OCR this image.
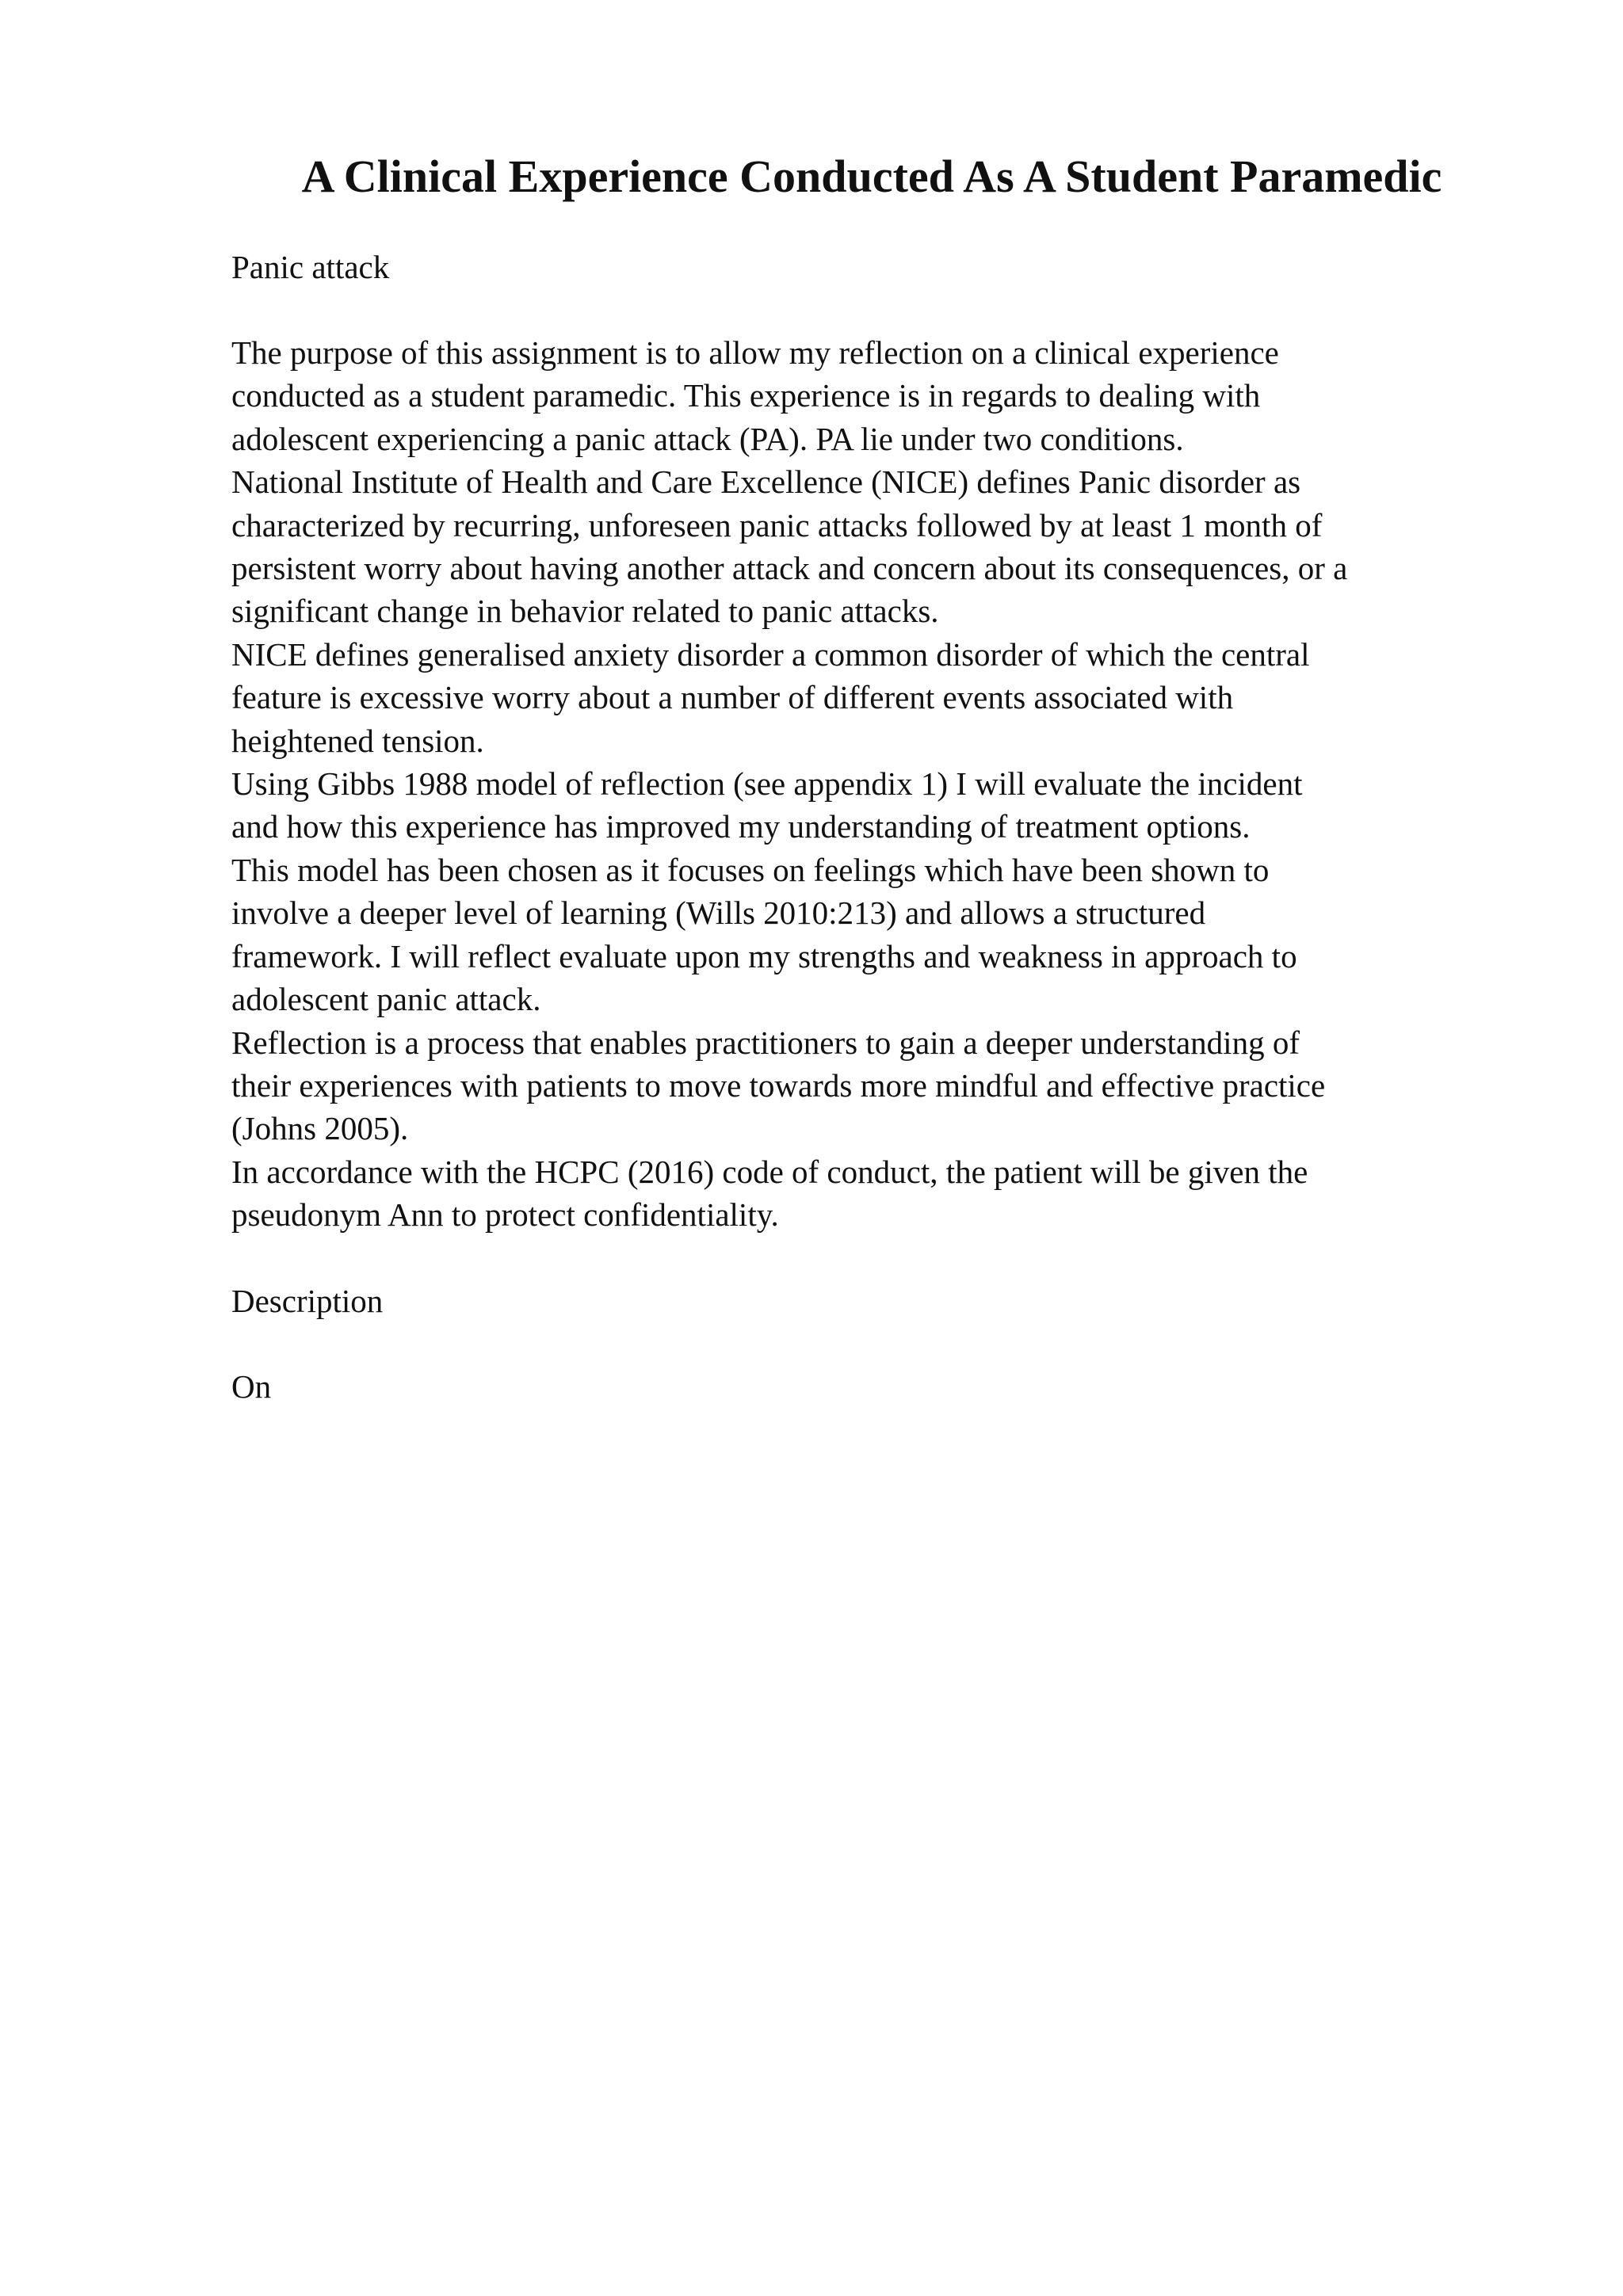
A Clinical Experience Conducted As A Student Paramedic

Panic attack

The purpose of this assignment is to allow my reflection on a clinical experience
conducted as a student paramedic. This experience is in regards to dealing with
adolescent experiencing a panic attack (PA). PA lie under two conditions.
National Institute of Health and Care Excellence (NICE) defines Panic disorder as
characterized by recurring, unforeseen panic attacks followed by at least 1 month of
persistent worry about having another attack and concern about its consequences, or a
significant change in behavior related to panic attacks.
NICE defines generalised anxiety disorder a common disorder of which the central
feature is excessive worry about a number of different events associated with
heightened tension.
Using Gibbs 1988 model of reflection (see appendix 1) I will evaluate the incident
and how this experience has improved my understanding of treatment options.
This model has been chosen as it focuses on feelings which have been shown to
involve a deeper level of learning (Wills 2010:213) and allows a structured
framework. I will reflect evaluate upon my strengths and weakness in approach to
adolescent panic attack.
Reflection is a process that enables practitioners to gain a deeper understanding of
their experiences with patients to move towards more mindful and effective practice
(Johns 2005).
In accordance with the HCPC (2016) code of conduct, the patient will be given the
pseudonym Ann to protect confidentiality.

Description

On
